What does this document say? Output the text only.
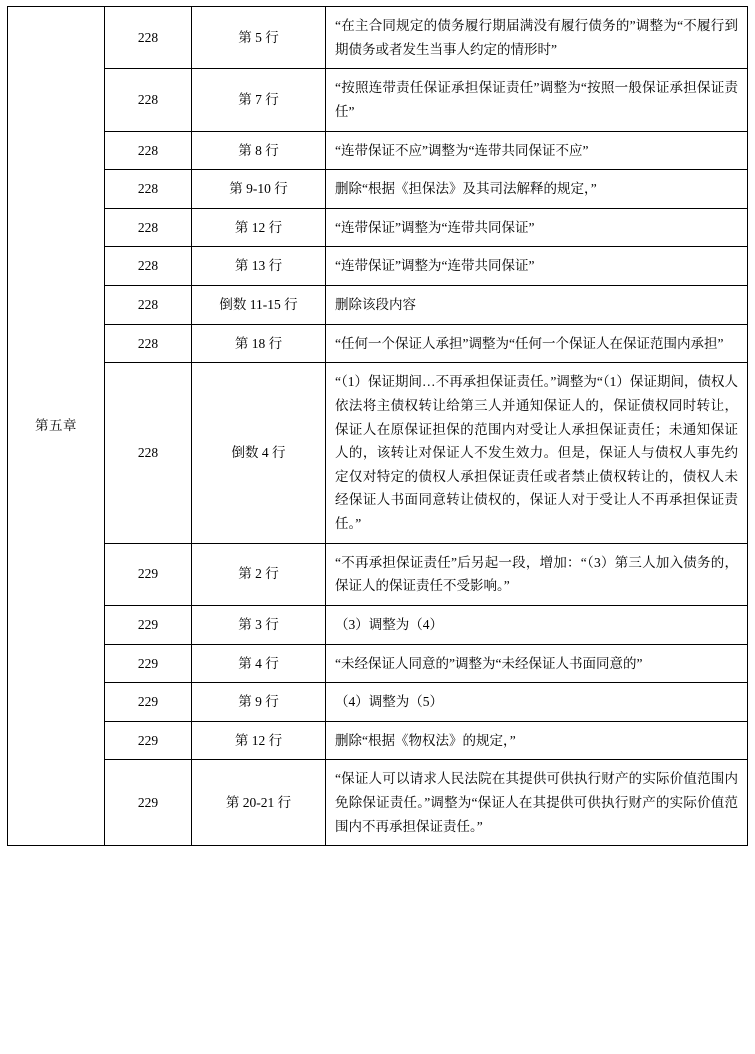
第五章	228	第 5 行	“在主合同规定的债务履行期届满没有履行债务的”调整为“不履行到期债务或者发生当事人约定的情形时”
	228	第 7 行	“按照连带责任保证承担保证责任”调整为“按照一般保证承担保证责任”
	228	第 8 行	“连带保证不应”调整为“连带共同保证不应”
	228	第 9-10 行	删除“根据《担保法》及其司法解释的规定，”
	228	第 12 行	“连带保证”调整为“连带共同保证”
	228	第 13 行	“连带保证”调整为“连带共同保证”
	228	倒数 11-15 行	删除该段内容
	228	第 18 行	“任何一个保证人承担”调整为“任何一个保证人在保证范围内承担”
	228	倒数 4 行	“（1）保证期间…不再承担保证责任。”调整为“（1）保证期间，债权人依法将主债权转让给第三人并通知保证人的，保证债权同时转让，保证人在原保证担保的范围内对受让人承担保证责任；未通知保证人的，该转让对保证人不发生效力。但是，保证人与债权人事先约定仅对特定的债权人承担保证责任或者禁止债权转让的，债权人未经保证人书面同意转让债权的，保证人对于受让人不再承担保证责任。”
	229	第 2 行	“不再承担保证责任”后另起一段，增加：“（3）第三人加入债务的，保证人的保证责任不受影响。”
	229	第 3 行	（3）调整为（4）
	229	第 4 行	“未经保证人同意的”调整为“未经保证人书面同意的”
	229	第 9 行	（4）调整为（5）
	229	第 12 行	删除“根据《物权法》的规定，”
	229	第 20-21 行	“保证人可以请求人民法院在其提供可供执行财产的实际价值范围内免除保证责任。”调整为“保证人在其提供可供执行财产的实际价值范围内不再承担保证责任。”
